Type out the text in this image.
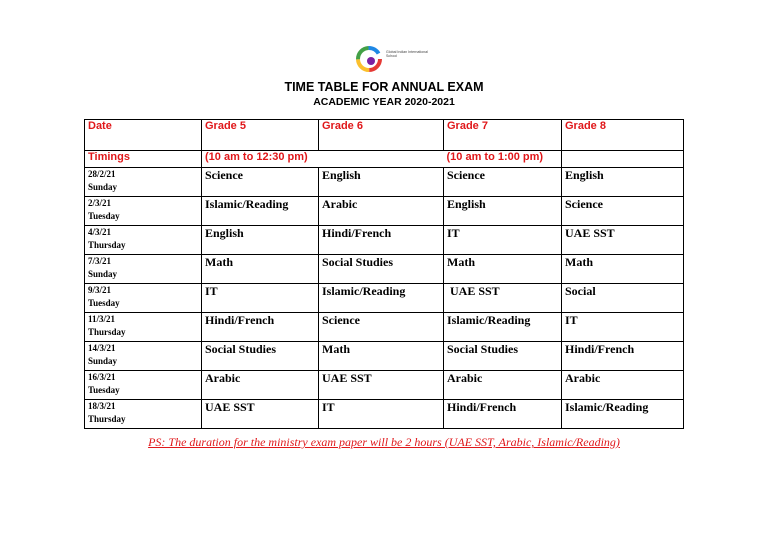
Global Indian International School
TIME TABLE FOR ANNUAL EXAM
ACADEMIC YEAR 2020-2021
Date	Grade 5	Grade 6	Grade 7	Grade 8
Timings	(10 am to 12:30 pm)		(10 am to 1:00 pm)	

28/2/21
Sunday	Science	English	Science	English

2/3/21
Tuesday	Islamic/Reading	Arabic	English	Science

4/3/21
Thursday	English	Hindi/French	IT	UAE SST

7/3/21
Sunday	Math	Social Studies	Math	Math

9/3/21
Tuesday	IT	Islamic/Reading	UAE SST	Social

11/3/21
Thursday	Hindi/French	Science	Islamic/Reading	IT

14/3/21
Sunday	Social Studies	Math	Social Studies	Hindi/French

16/3/21
Tuesday	Arabic	UAE SST	Arabic	Arabic

18/3/21
Thursday	UAE SST	IT	Hindi/French	Islamic/Reading
PS: The duration for the ministry exam paper will be 2 hours (UAE SST, Arabic, Islamic/Reading)
